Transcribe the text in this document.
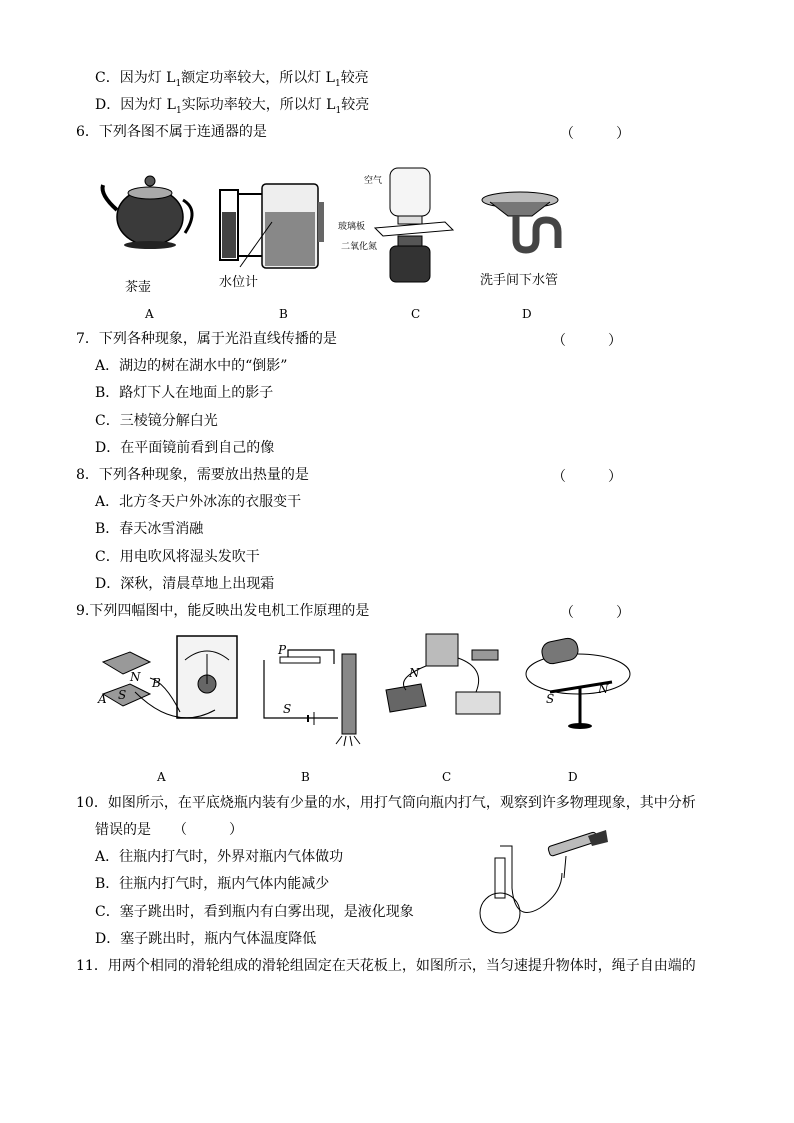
C．因为灯 $L_1$额定功率较大，所以灯 $L_1$较亮
D．因为灯 $L_1$实际功率较大，所以灯 $L_1$较亮
6．下列各图不属于连通器的是	（　　　）
茶壶	水位计
空气
玻璃板
二氧化氮
洗手间下水管
A	B	C	D
7．下列各种现象，属于光沿直线传播的是	（　　　）
A．湖边的树在湖水中的“倒影”
B．路灯下人在地面上的影子
C．三棱镜分解白光
D．在平面镜前看到自己的像
8．下列各种现象，需要放出热量的是	（　　　）
A．北方冬天户外冰冻的衣服变干
B．春天冰雪消融
C．用电吹风将湿头发吹干
D．深秋，清晨草地上出现霜
9.下列四幅图中，能反映出发电机工作原理的是	（　　　）
N
S
A
B
P
S
N
S
N
A	B	C	D
10．如图所示，在平底烧瓶内装有少量的水，用打气筒向瓶内打气，观察到许多物理现象，其中分析
错误的是 （　　　）
A．往瓶内打气时，外界对瓶内气体做功
B．往瓶内打气时，瓶内气体内能减少
C．塞子跳出时，看到瓶内有白雾出现，是液化现象
D．塞子跳出时，瓶内气体温度降低
11．用两个相同的滑轮组成的滑轮组固定在天花板上，如图所示，当匀速提升物体时，绳子自由端的
